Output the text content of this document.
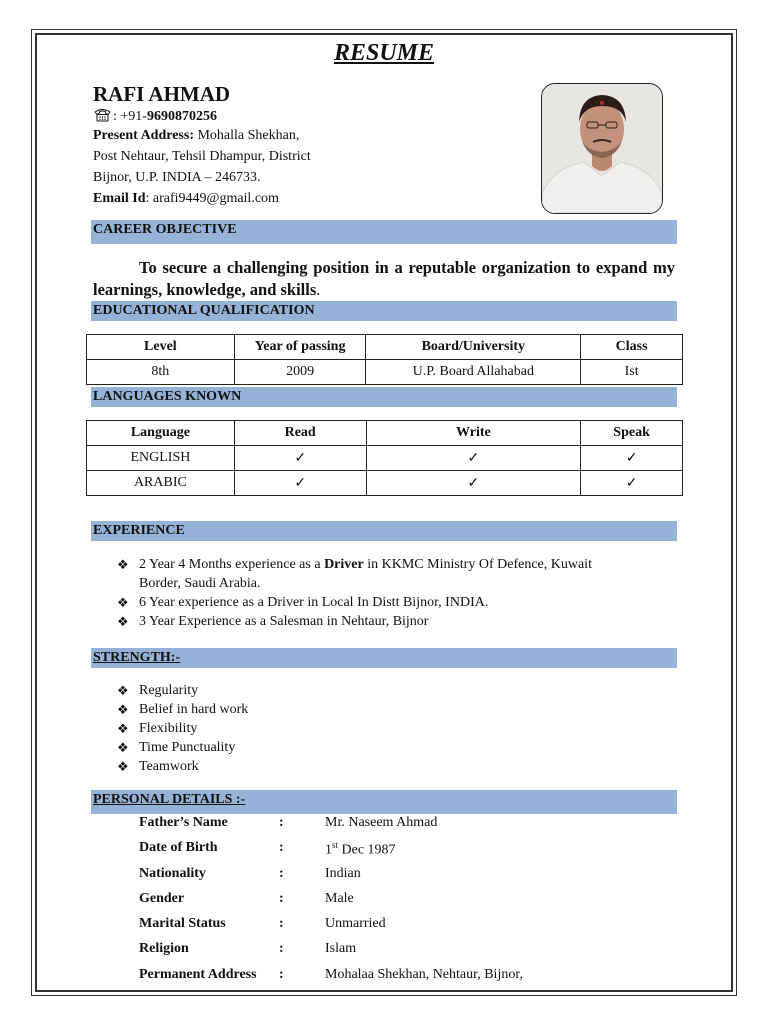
RESUME
RAFI AHMAD
: +91-9690870256
Present Address: Mohalla Shekhan,
Post Nehtaur, Tehsil Dhampur, District
Bijnor, U.P. INDIA – 246733.
Email Id: arafi9449@gmail.com
CAREER OBJECTIVE
To secure a challenging position in a reputable organization to expand my learnings, knowledge, and skills.
EDUCATIONAL QUALIFICATION
Level	Year of passing	Board/University	Class
8th	2009	U.P. Board Allahabad	Ist
LANGUAGES KNOWN
Language	Read	Write	Speak
ENGLISH	✓	✓	✓
ARABIC	✓	✓	✓
EXPERIENCE
❖ 2 Year 4 Months experience as a Driver in KKMC Ministry Of Defence, Kuwait
Border, Saudi Arabia.
❖ 6 Year experience as a Driver in Local In Distt Bijnor, INDIA.
❖ 3 Year Experience as a Salesman in Nehtaur, Bijnor
STRENGTH:-
❖ Regularity
❖ Belief in hard work
❖ Flexibility
❖ Time Punctuality
❖ Teamwork
PERSONAL DETAILS :-
Father’s Name	:	Mr. Naseem Ahmad
Date of Birth	:	1st Dec 1987
Nationality	:	Indian
Gender	:	Male
Marital Status	:	Unmarried
Religion	:	Islam
Permanent Address :	Mohalaa Shekhan, Nehtaur, Bijnor,
